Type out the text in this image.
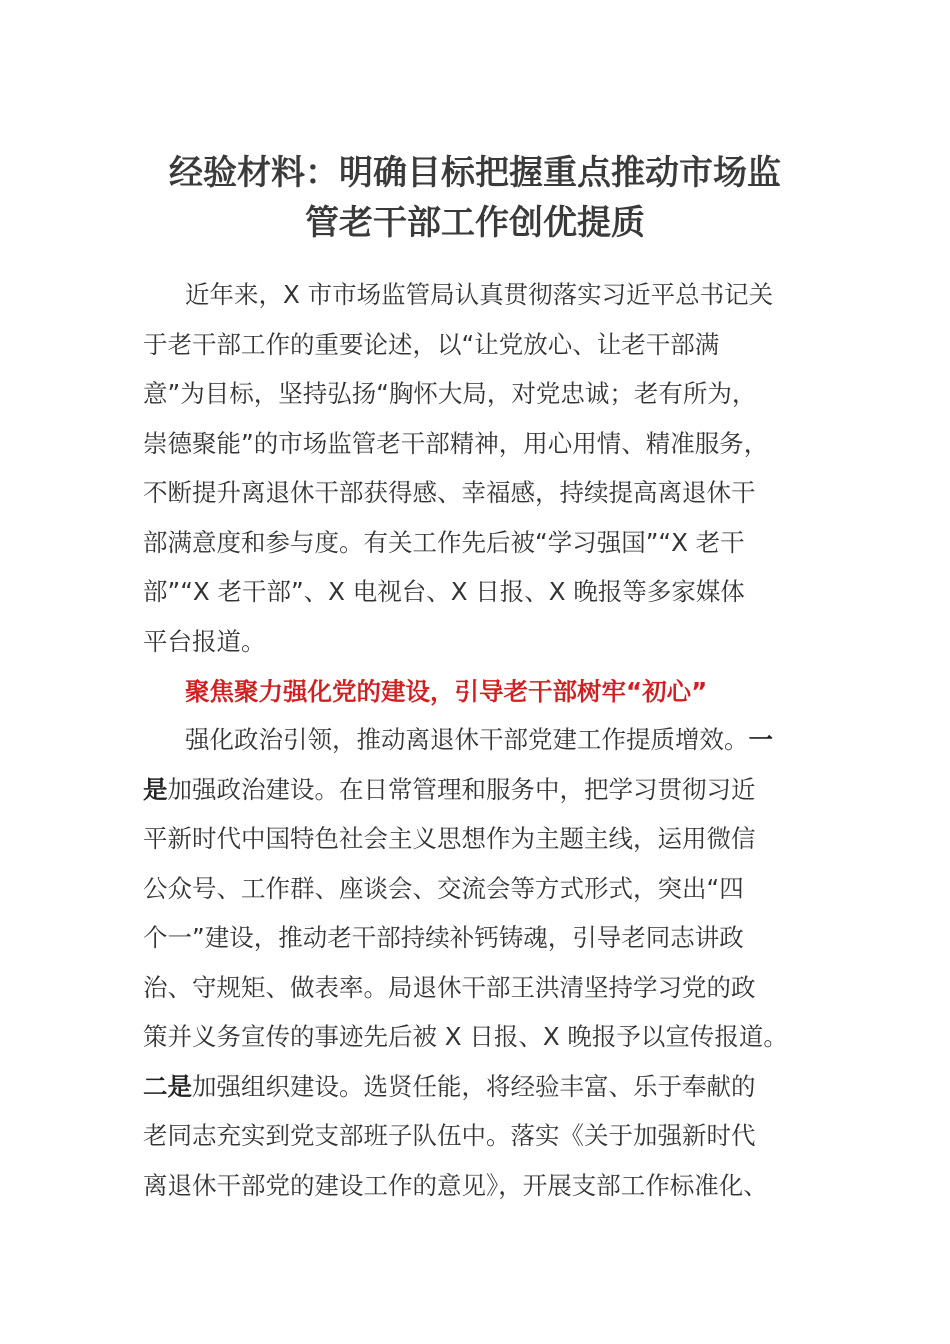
经验材料：明确目标把握重点推动市场监
管老干部工作创优提质

近年来，X 市市场监管局认真贯彻落实习近平总书记关
于老干部工作的重要论述，以“让党放心、让老干部满
意”为目标，坚持弘扬“胸怀大局，对党忠诚；老有所为，
崇德聚能”的市场监管老干部精神，用心用情、精准服务，
不断提升离退休干部获得感、幸福感，持续提高离退休干
部满意度和参与度。有关工作先后被“学习强国”“X 老干
部”“X 老干部”、X 电视台、X 日报、X 晚报等多家媒体
平台报道。

聚焦聚力强化党的建设，引导老干部树牢“初心”

强化政治引领，推动离退休干部党建工作提质增效。一
是加强政治建设。在日常管理和服务中，把学习贯彻习近
平新时代中国特色社会主义思想作为主题主线，运用微信
公众号、工作群、座谈会、交流会等方式形式，突出“四
个一”建设，推动老干部持续补钙铸魂，引导老同志讲政
治、守规矩、做表率。局退休干部王洪清坚持学习党的政
策并义务宣传的事迹先后被 X 日报、X 晚报予以宣传报道。
二是加强组织建设。选贤任能，将经验丰富、乐于奉献的
老同志充实到党支部班子队伍中。落实《关于加强新时代
离退休干部党的建设工作的意见》，开展支部工作标准化、
